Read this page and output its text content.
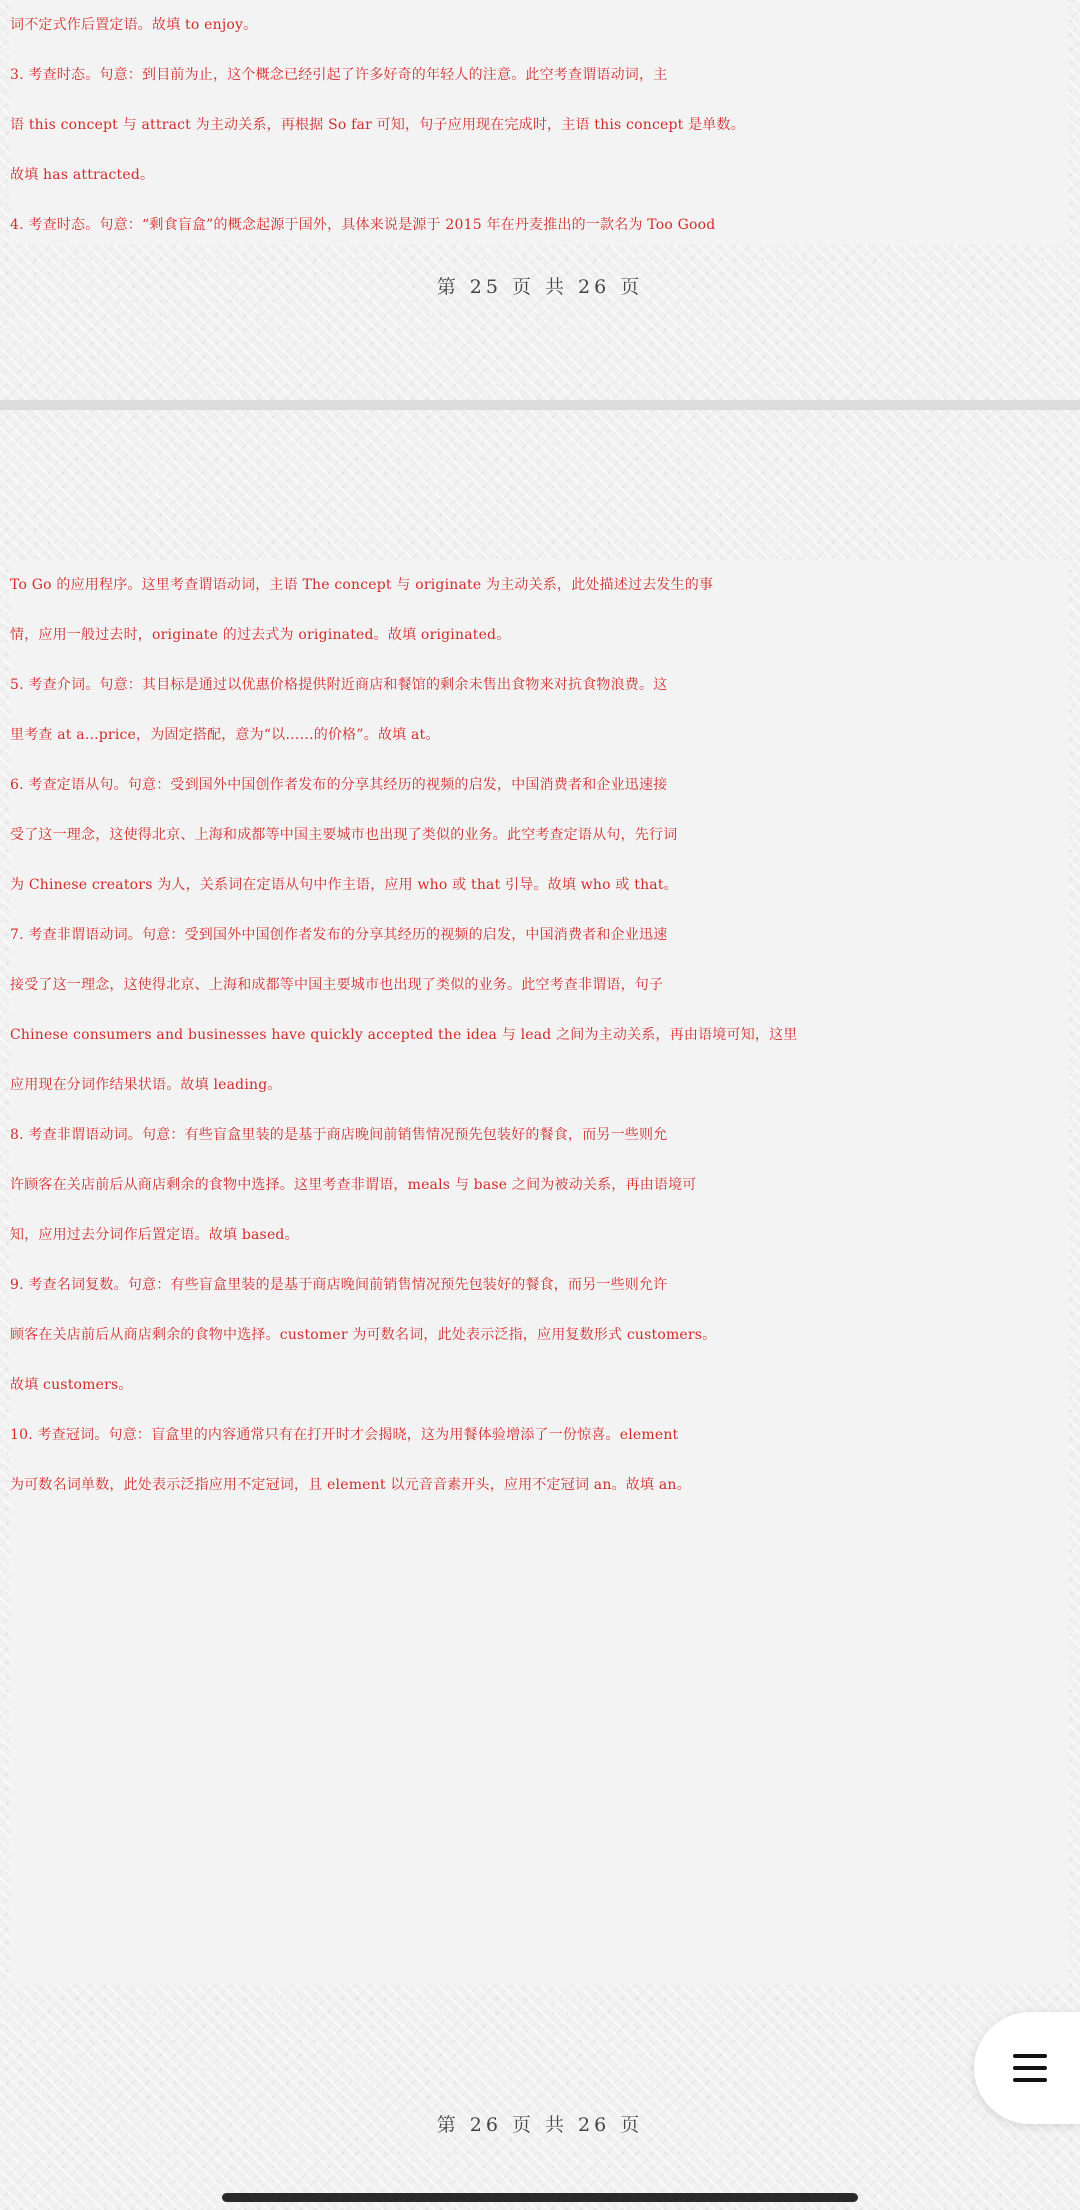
词不定式作后置定语。故填 to enjoy。
3. 考查时态。句意：到目前为止，这个概念已经引起了许多好奇的年轻人的注意。此空考查谓语动词，主
语 this concept 与 attract 为主动关系，再根据 So far 可知，句子应用现在完成时，主语 this concept 是单数。
故填 has attracted。
4. 考查时态。句意：“剩食盲盒”的概念起源于国外，具体来说是源于 2015 年在丹麦推出的一款名为 Too Good
第 25 页 共 26 页
To Go 的应用程序。这里考查谓语动词，主语 The concept 与 originate 为主动关系，此处描述过去发生的事
情，应用一般过去时，originate 的过去式为 originated。故填 originated。
5. 考查介词。句意：其目标是通过以优惠价格提供附近商店和餐馆的剩余未售出食物来对抗食物浪费。这
里考查 at a...price，为固定搭配，意为“以……的价格”。故填 at。
6. 考查定语从句。句意：受到国外中国创作者发布的分享其经历的视频的启发，中国消费者和企业迅速接
受了这一理念，这使得北京、上海和成都等中国主要城市也出现了类似的业务。此空考查定语从句，先行词
为 Chinese creators 为人，关系词在定语从句中作主语，应用 who 或 that 引导。故填 who 或 that。
7. 考查非谓语动词。句意：受到国外中国创作者发布的分享其经历的视频的启发，中国消费者和企业迅速
接受了这一理念，这使得北京、上海和成都等中国主要城市也出现了类似的业务。此空考查非谓语，句子
Chinese consumers and businesses have quickly accepted the idea 与 lead 之间为主动关系，再由语境可知，这里
应用现在分词作结果状语。故填 leading。
8. 考查非谓语动词。句意：有些盲盒里装的是基于商店晚间前销售情况预先包装好的餐食，而另一些则允
许顾客在关店前后从商店剩余的食物中选择。这里考查非谓语，meals 与 base 之间为被动关系，再由语境可
知，应用过去分词作后置定语。故填 based。
9. 考查名词复数。句意：有些盲盒里装的是基于商店晚间前销售情况预先包装好的餐食，而另一些则允许
顾客在关店前后从商店剩余的食物中选择。customer 为可数名词，此处表示泛指，应用复数形式 customers。
故填 customers。
10. 考查冠词。句意：盲盒里的内容通常只有在打开时才会揭晓，这为用餐体验增添了一份惊喜。element
为可数名词单数，此处表示泛指应用不定冠词，且 element 以元音音素开头，应用不定冠词 an。故填 an。
第 26 页 共 26 页
